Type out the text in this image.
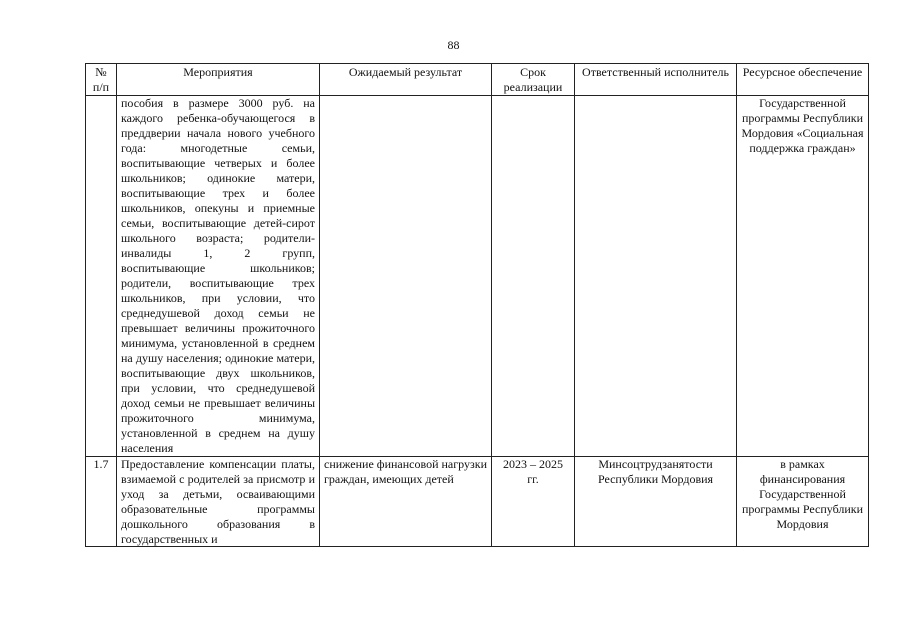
88
№ п/п	Мероприятия	Ожидаемый результат	Срок реализации	Ответственный исполнитель	Ресурсное обеспечение
	пособия в размере 3000 руб. на каждого ребенка-обучающегося в преддверии начала нового учебного года: многодетные семьи, воспитывающие четверых и более школьников; одинокие матери, воспитывающие трех и более школьников, опекуны и приемные семьи, воспитывающие детей-сирот школьного возраста; родители-инвалиды 1, 2 групп, воспитывающие школьников; родители, воспитывающие трех школьников, при условии, что среднедушевой доход семьи не превышает величины прожиточного минимума, установленной в среднем на душу населения; одинокие матери, воспитывающие двух школьников, при условии, что среднедушевой доход семьи не превышает величины прожиточного минимума, установленной в среднем на душу населения				Государственной программы Республики Мордовия «Социальная поддержка граждан»

1.7	Предоставление компенсации платы, взимаемой с родителей за присмотр и уход за детьми, осваивающими образовательные программы дошкольного образования в государственных и	снижение финансовой нагрузки граждан, имеющих детей	2023 – 2025 гг.	Минсоцтрудзанятости Республики Мордовия	в рамках финансирования Государственной программы Республики Мордовия
